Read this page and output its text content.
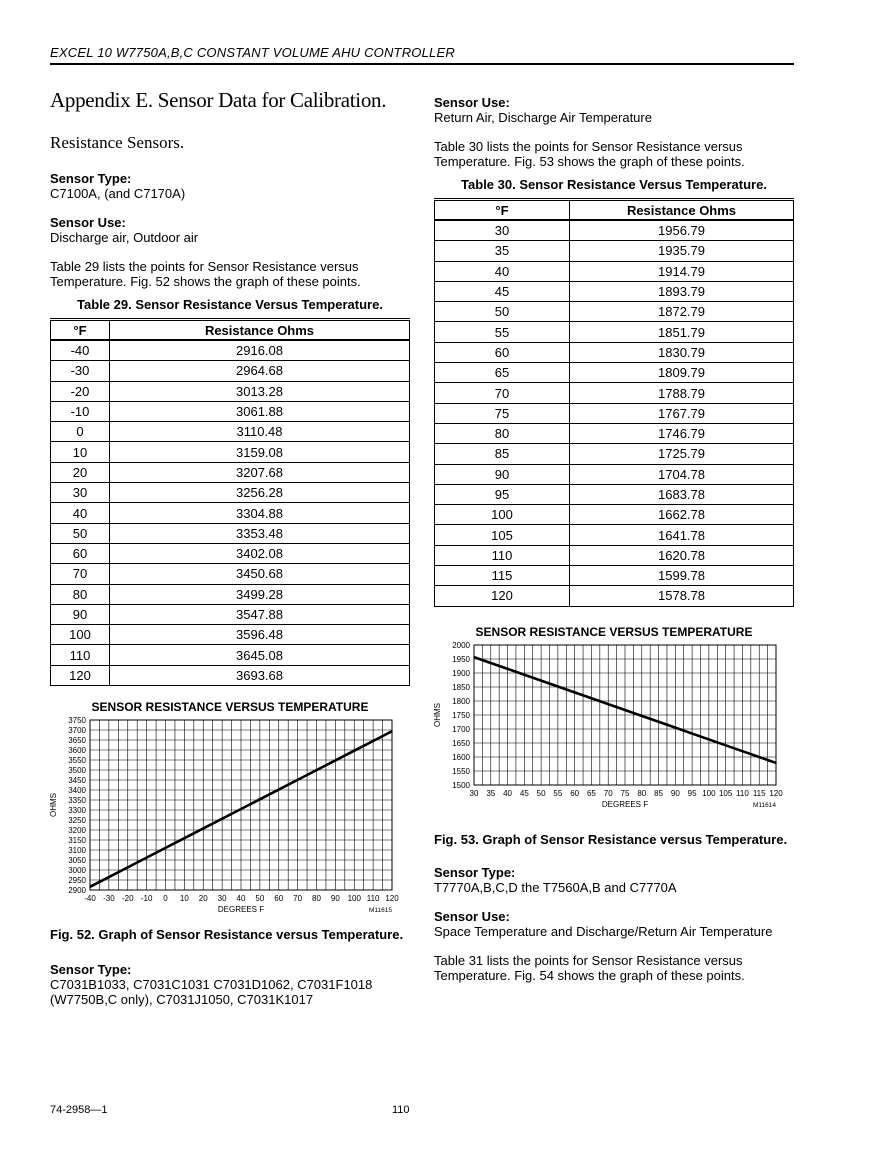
EXCEL 10 W7750A,B,C CONSTANT VOLUME AHU CONTROLLER
Appendix E. Sensor Data for Calibration.
Resistance Sensors.
Sensor Type:
C7100A, (and C7170A)
Sensor Use:
Discharge air, Outdoor air
Table 29 lists the points for Sensor Resistance versus Temperature. Fig. 52 shows the graph of these points.
Table 29. Sensor Resistance Versus Temperature.
°F	Resistance Ohms
-40	2916.08
-30	2964.68
-20	3013.28
-10	3061.88
0	3110.48
10	3159.08
20	3207.68
30	3256.28
40	3304.88
50	3353.48
60	3402.08
70	3450.68
80	3499.28
90	3547.88
100	3596.48
110	3645.08
120	3693.68
SENSOR RESISTANCE VERSUS TEMPERATURE
2900
2950
3000
3050
3100
3150
3200
3250
3300
3350
3400
3450
3500
3550
3600
3650
3700
3750
-40 -30 -20 -10 0 10 20 30 40 50 60 70 80 90 100 110 120
DEGREES F
OHMS
M11615
Fig. 52. Graph of Sensor Resistance versus Temperature.
Sensor Type:
C7031B1033, C7031C1031 C7031D1062, C7031F1018 (W7750B,C only), C7031J1050, C7031K1017
Sensor Use:
Return Air, Discharge Air Temperature
Table 30 lists the points for Sensor Resistance versus Temperature. Fig. 53 shows the graph of these points.
Table 30. Sensor Resistance Versus Temperature.
°F	Resistance Ohms
30	1956.79
35	1935.79
40	1914.79
45	1893.79
50	1872.79
55	1851.79
60	1830.79
65	1809.79
70	1788.79
75	1767.79
80	1746.79
85	1725.79
90	1704.78
95	1683.78
100	1662.78
105	1641.78
110	1620.78
115	1599.78
120	1578.78
SENSOR RESISTANCE VERSUS TEMPERATURE
1500
1550
1600
1650
1700
1750
1800
1850
1900
1950
2000
30 35 40 45 50 55 60 65 70 75 80 85 90 95 100 105 110 115 120
DEGREES F
OHMS
M11614
Fig. 53. Graph of Sensor Resistance versus Temperature.
Sensor Type:
T7770A,B,C,D the T7560A,B and C7770A
Sensor Use:
Space Temperature and Discharge/Return Air Temperature
Table 31 lists the points for Sensor Resistance versus Temperature. Fig. 54 shows the graph of these points.
74-2958—1	110
